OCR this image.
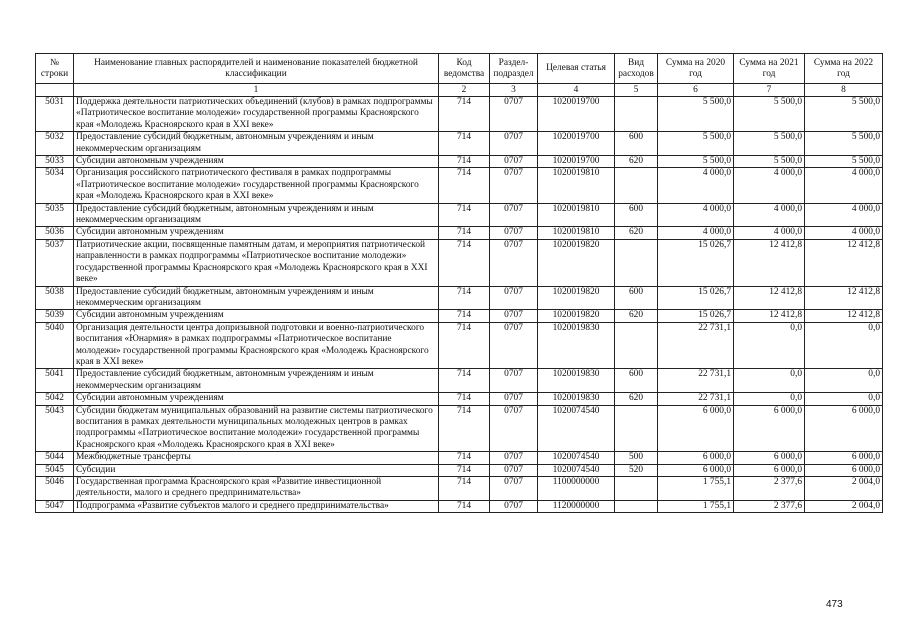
№ строки	Наименование главных распорядителей и наименование показателей бюджетной классификации	Код ведомства	Раздел-подраздел	Целевая статья	Вид расходов	Сумма на 2020 год	Сумма на 2021 год	Сумма на 2022 год
	1	2	3	4	5	6	7	8
5031	Поддержка деятельности патриотических объединений (клубов) в рамках подпрограммы «Патриотическое воспитание молодежи» государственной программы Красноярского края «Молодежь Красноярского края в XXI веке»	714	0707	1020019700		5 500,0	5 500,0	5 500,0
5032	Предоставление субсидий бюджетным, автономным учреждениям и иным некоммерческим организациям	714	0707	1020019700	600	5 500,0	5 500,0	5 500,0
5033	Субсидии автономным учреждениям	714	0707	1020019700	620	5 500,0	5 500,0	5 500,0
5034	Организация российского патриотического фестиваля в рамках подпрограммы «Патриотическое воспитание молодежи» государственной программы Красноярского края «Молодежь Красноярского края в XXI веке»	714	0707	1020019810		4 000,0	4 000,0	4 000,0
5035	Предоставление субсидий бюджетным, автономным учреждениям и иным некоммерческим организациям	714	0707	1020019810	600	4 000,0	4 000,0	4 000,0
5036	Субсидии автономным учреждениям	714	0707	1020019810	620	4 000,0	4 000,0	4 000,0
5037	Патриотические акции, посвященные памятным датам, и мероприятия патриотической направленности в рамках подпрограммы «Патриотическое воспитание молодежи» государственной программы Красноярского края «Молодежь Красноярского края в XXI веке»	714	0707	1020019820		15 026,7	12 412,8	12 412,8
5038	Предоставление субсидий бюджетным, автономным учреждениям и иным некоммерческим организациям	714	0707	1020019820	600	15 026,7	12 412,8	12 412,8
5039	Субсидии автономным учреждениям	714	0707	1020019820	620	15 026,7	12 412,8	12 412,8
5040	Организация деятельности центра допризывной подготовки и военно-патриотического воспитания «Юнармия» в рамках подпрограммы «Патриотическое воспитание молодежи» государственной программы Красноярского края «Молодежь Красноярского края в XXI веке»	714	0707	1020019830		22 731,1	0,0	0,0
5041	Предоставление субсидий бюджетным, автономным учреждениям и иным некоммерческим организациям	714	0707	1020019830	600	22 731,1	0,0	0,0
5042	Субсидии автономным учреждениям	714	0707	1020019830	620	22 731,1	0,0	0,0
5043	Субсидии бюджетам муниципальных образований на развитие системы патриотического воспитания в рамках деятельности муниципальных молодежных центров в рамках подпрограммы «Патриотическое воспитание молодежи» государственной программы Красноярского края «Молодежь Красноярского края в XXI веке»	714	0707	1020074540		6 000,0	6 000,0	6 000,0
5044	Межбюджетные трансферты	714	0707	1020074540	500	6 000,0	6 000,0	6 000,0
5045	Субсидии	714	0707	1020074540	520	6 000,0	6 000,0	6 000,0
5046	Государственная программа Красноярского края «Развитие инвестиционной деятельности, малого и среднего предпринимательства»	714	0707	1100000000		1 755,1	2 377,6	2 004,0
5047	Подпрограмма «Развитие субъектов малого и среднего предпринимательства»	714	0707	1120000000		1 755,1	2 377,6	2 004,0
473
